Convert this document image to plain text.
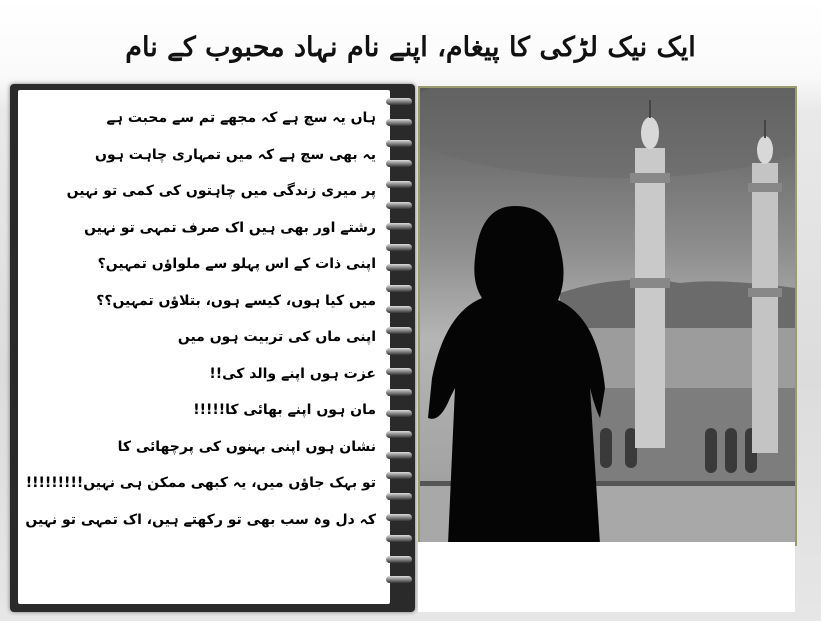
ایک نیک لڑکی کا پیغام، اپنے نام نہاد محبوب کے نام
ہاں یہ سچ ہے کہ مجھے تم سے محبت ہے
یہ بھی سچ ہے کہ میں تمہاری چاہت ہوں
پر میری زندگی میں چاہتوں کی کمی تو نہیں
رشتے اور بھی ہیں اک صرف تمہی تو نہیں
اپنی ذات کے اس پہلو سے ملواؤں تمہیں؟
میں کیا ہوں، کیسے ہوں، بتلاؤں تمہیں؟؟
اپنی ماں کی تربیت ہوں میں
عزت ہوں اپنے والد کی!!
مان ہوں اپنے بھائی کا!!!!!
نشان ہوں اپنی بہنوں کی پرچھائی کا
تو بہک جاؤں میں، یہ کبھی ممکن ہی نہیں!!!!!!!!!
کہ دل وہ سب بھی تو رکھتے ہیں، اک تمہی تو نہیں
